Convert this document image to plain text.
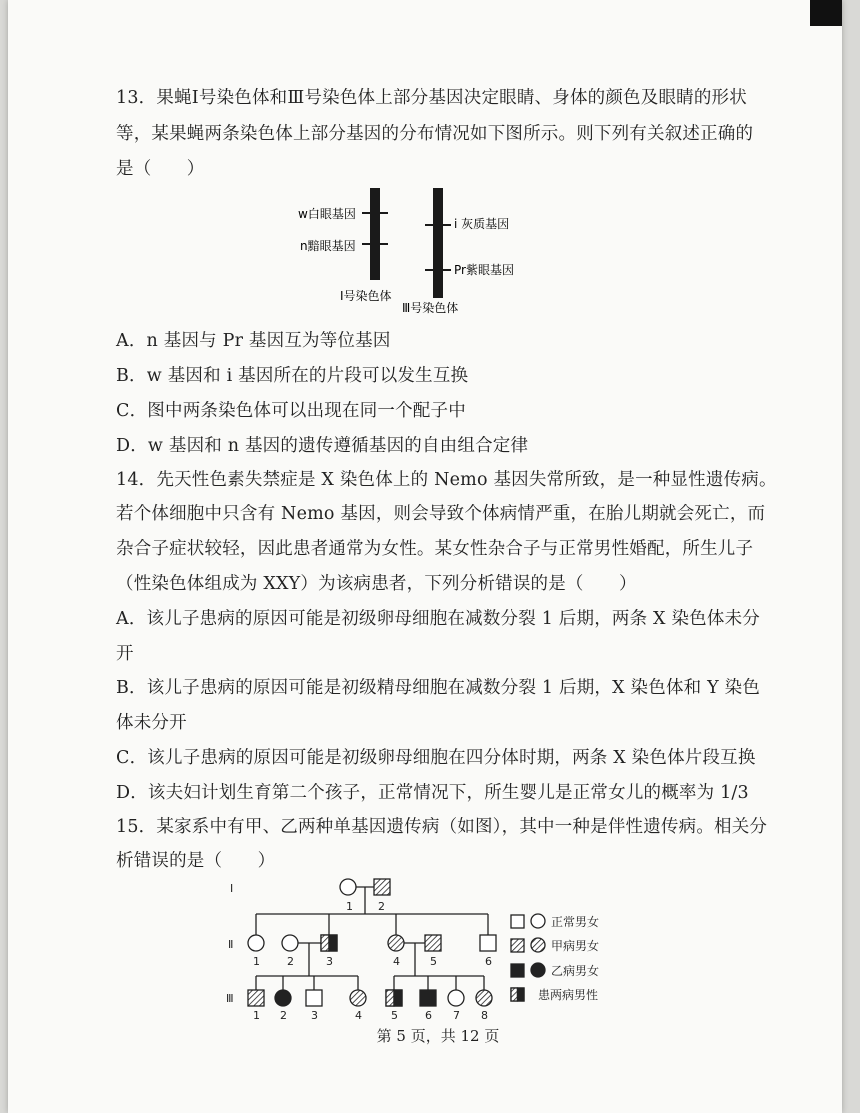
13．果蝇Ⅰ号染色体和Ⅲ号染色体上部分基因决定眼睛、身体的颜色及眼睛的形状
等，某果蝇两条染色体上部分基因的分布情况如下图所示。则下列有关叙述正确的
是（　　）
w白眼基因
n黯眼基因
Ⅰ号染色体
i 灰质基因
Pr紫眼基因
Ⅲ号染色体
A．n 基因与 Pr 基因互为等位基因
B．w 基因和 i 基因所在的片段可以发生互换
C．图中两条染色体可以出现在同一个配子中
D．w 基因和 n 基因的遗传遵循基因的自由组合定律
14．先天性色素失禁症是 X 染色体上的 Nemo 基因失常所致，是一种显性遗传病。
若个体细胞中只含有 Nemo 基因，则会导致个体病情严重，在胎儿期就会死亡，而
杂合子症状较轻，因此患者通常为女性。某女性杂合子与正常男性婚配，所生儿子
（性染色体组成为 XXY）为该病患者，下列分析错误的是（　　）
A．该儿子患病的原因可能是初级卵母细胞在减数分裂 1 后期，两条 X 染色体未分
开
B．该儿子患病的原因可能是初级精母细胞在减数分裂 1 后期，X 染色体和 Y 染色
体未分开
C．该儿子患病的原因可能是初级卵母细胞在四分体时期，两条 X 染色体片段互换
D．该夫妇计划生育第二个孩子，正常情况下，所生婴儿是正常女儿的概率为 1/3
15．某家系中有甲、乙两种单基因遗传病（如图），其中一种是伴性遗传病。相关分
析错误的是（　　）
Ⅰ
Ⅱ
Ⅲ
1 2
1 2	3	4	5	6
1 2 3	4	5 6 7 8
正常男女
甲病男女
乙病男女
患两病男性
第 5 页，共 12 页
